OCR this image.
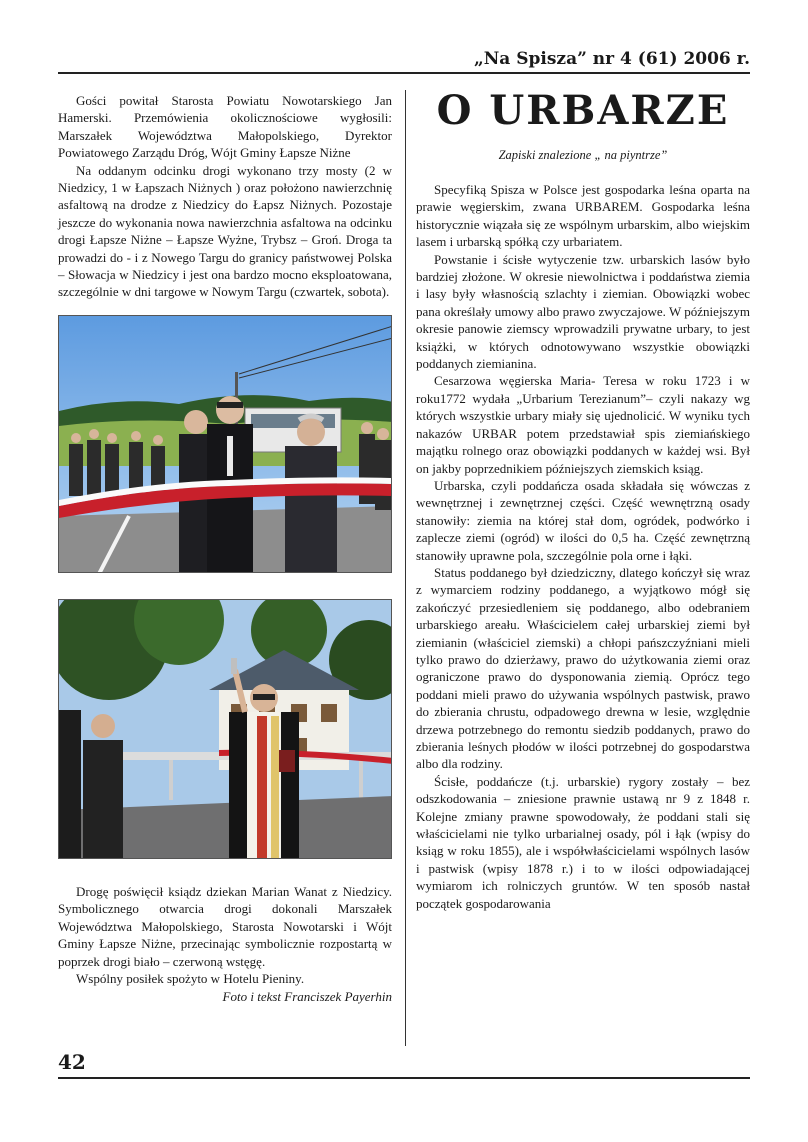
„Na Spisza” nr 4 (61) 2006 r.

Gości powitał Starosta Powiatu Nowotarskiego Jan Hamerski. Przemówienia okolicznościowe wygłosili: Marszałek Województwa Małopolskiego, Dyrektor Powiatowego Zarządu Dróg, Wójt Gminy Łapsze Niżne

Na oddanym odcinku drogi wykonano trzy mosty (2 w Niedzicy, 1 w Łapszach Niżnych ) oraz położono nawierzchnię asfaltową na drodze z Niedzicy do Łapsz Niżnych. Pozostaje jeszcze do wykonania nowa nawierzchnia asfaltowa na odcinku drogi Łapsze Niżne – Łapsze Wyżne, Trybsz – Groń. Droga ta prowadzi do - i z Nowego Targu do granicy państwowej Polska – Słowacja w Niedzicy i jest ona bardzo mocno eksploatowana, szczególnie w dni targowe w Nowym Targu (czwartek, sobota).

Drogę poświęcił ksiądz dziekan Marian Wanat z Niedzicy. Symbolicznego otwarcia drogi dokonali Marszałek Województwa Małopolskiego, Starosta Nowotarski i Wójt Gminy Łapsze Niżne, przecinając symbolicznie rozpostartą w poprzek drogi biało – czerwoną wstęgę.

Wspólny posiłek spożyto w Hotelu Pieniny.

Foto i tekst Franciszek Payerhin

O URBARZE
Zapiski znalezione „ na piyntrze”

Specyfiką Spisza w Polsce jest gospodarka leśna oparta na prawie węgierskim, zwana URBAREM. Gospodarka leśna historycznie wiązała się ze wspólnym urbarskim, albo wiejskim lasem i urbarską spółką czy urbariatem.

Powstanie i ścisłe wytyczenie tzw. urbarskich lasów było bardziej złożone. W okresie niewolnictwa i poddaństwa ziemia i lasy były własnością szlachty i ziemian. Obowiązki wobec pana określały umowy albo prawo zwyczajowe. W późniejszym okresie panowie ziemscy wprowadzili prywatne urbary, to jest książki, w których odnotowywano wszystkie obowiązki poddanych ziemianina.

Cesarzowa węgierska Maria- Teresa w roku 1723 i w roku1772 wydała „Urbarium Terezianum”– czyli nakazy wg których wszystkie urbary miały się ujednolicić. W wyniku tych nakazów URBAR potem przedstawiał spis ziemiańskiego majątku rolnego oraz obowiązki poddanych w każdej wsi. Był on jakby poprzednikiem późniejszych ziemskich ksiąg.

Urbarska, czyli poddańcza osada składała się wówczas z wewnętrznej i zewnętrznej części. Część wewnętrzną osady stanowiły: ziemia na której stał dom, ogródek, podwórko i zaplecze ziemi (ogród) w ilości do 0,5 ha. Część zewnętrzną stanowiły uprawne pola, szczególnie pola orne i łąki.

Status poddanego był dziedziczny, dlatego kończył się wraz z wymarciem rodziny poddanego, a wyjątkowo mógł się zakończyć przesiedleniem się poddanego, albo odebraniem urbarskiego areału. Właścicielem całej urbarskiej ziemi był ziemianin (właściciel ziemski) a chłopi pańszczyźniani mieli tylko prawo do dzierżawy, prawo do użytkowania ziemi oraz ograniczone prawo do dysponowania ziemią. Oprócz tego poddani mieli prawo do używania wspólnych pastwisk, prawo do zbierania chrustu, odpadowego drewna w lesie, względnie drzewa potrzebnego do remontu siedzib poddanych, prawo do zbierania leśnych płodów w ilości potrzebnej do gospodarstwa albo dla rodziny.

Ścisłe, poddańcze (t.j. urbarskie) rygory zostały – bez odszkodowania – zniesione prawnie ustawą nr 9 z 1848 r. Kolejne zmiany prawne spowodowały, że poddani stali się właścicielami nie tylko urbarialnej osady, pól i łąk (wpisy do ksiąg w roku 1855), ale i współwłaścicielami wspólnych lasów i pastwisk (wpisy 1878 r.) i to w ilości odpowiadającej wymiarom ich rolniczych gruntów. W ten sposób nastał początek gospodarowania

42
